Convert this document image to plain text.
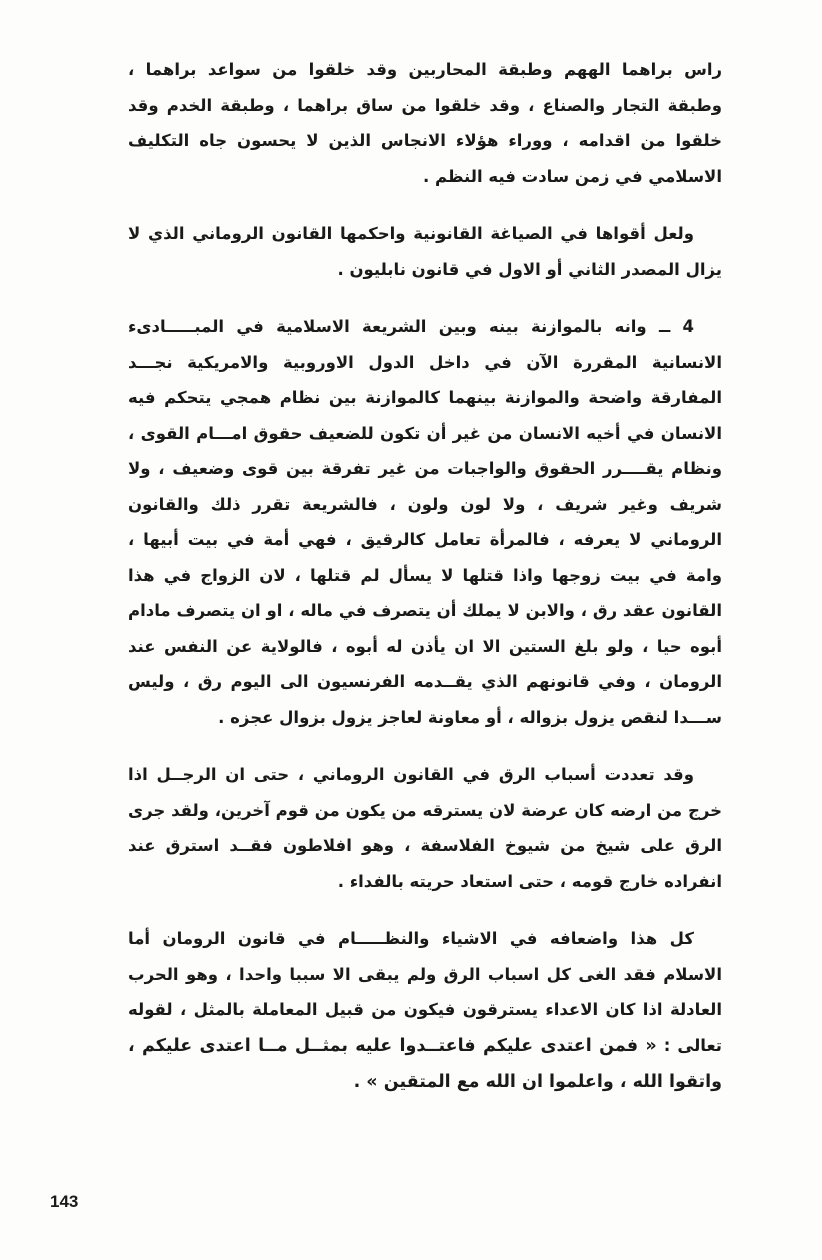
راس براهما الههم وطبقة المحاربين وقد خلقوا من سواعد براهما ، وطبقة التجار والصناع ، وقد خلقوا من ساق براهما ، وطبقة الخدم وقد خلقوا من اقدامه ، ووراء هؤلاء الانجاس الذين لا يحسون جاه التكليف الاسلامي في زمن سادت فيه النظم .

ولعل أقواها في الصياغة القانونية واحكمها القانون الروماني الذي لا يزال المصدر الثاني أو الاول في قانون نابليون .

4 ــ وانه بالموازنة بينه وبين الشريعة الاسلامية في المبـــــادىء الانسانية المقررة الآن في داخل الدول الاوروبية والامريكية نجـــد المفارقة واضحة والموازنة بينهما كالموازنة بين نظام همجي يتحكم فيه الانسان في أخيه الانسان من غير أن تكون للضعيف حقوق امـــام القوى ، ونظام يقــــرر الحقوق والواجبات من غير تفرقة بين قوى وضعيف ، ولا شريف وغير شريف ، ولا لون ولون ، فالشريعة تقرر ذلك والقانون الروماني لا يعرفه ، فالمرأة تعامل كالرقيق ، فهي أمة في بيت أبيها ، وامة في بيت زوجها واذا قتلها لا يسأل لم قتلها ، لان الزواج في هذا القانون عقد رق ، والابن لا يملك أن يتصرف في ماله ، او ان يتصرف مادام أبوه حيا ، ولو بلغ الستين الا ان يأذن له أبوه ، فالولاية عن النفس عند الرومان ، وفي قانونهم الذي يقــدمه الفرنسيون الى اليوم رق ، وليس ســـدا لنقص يزول بزواله ، أو معاونة لعاجز يزول بزوال عجزه .

وقد تعددت أسباب الرق في القانون الروماني ، حتى ان الرجــل اذا خرج من ارضه كان عرضة لان يسترقه من يكون من قوم آخرين، ولقد جرى الرق على شيخ من شيوخ الفلاسفة ، وهو افلاطون فقــد استرق عند انفراده خارج قومه ، حتى استعاد حريته بالفداء .

كل هذا واضعافه في الاشياء والنظـــــام في قانون الرومان أما الاسلام فقد الغى كل اسباب الرق ولم يبقى الا سببا واحدا ، وهو الحرب العادلة اذا كان الاعداء يسترقون فيكون من قبيل المعاملة بالمثل ، لقوله تعالى : « فمن اعتدى عليكم فاعتــدوا عليه بمثــل مــا اعتدى عليكم ، واتقوا الله ، واعلموا ان الله مع المتقين » .

143
